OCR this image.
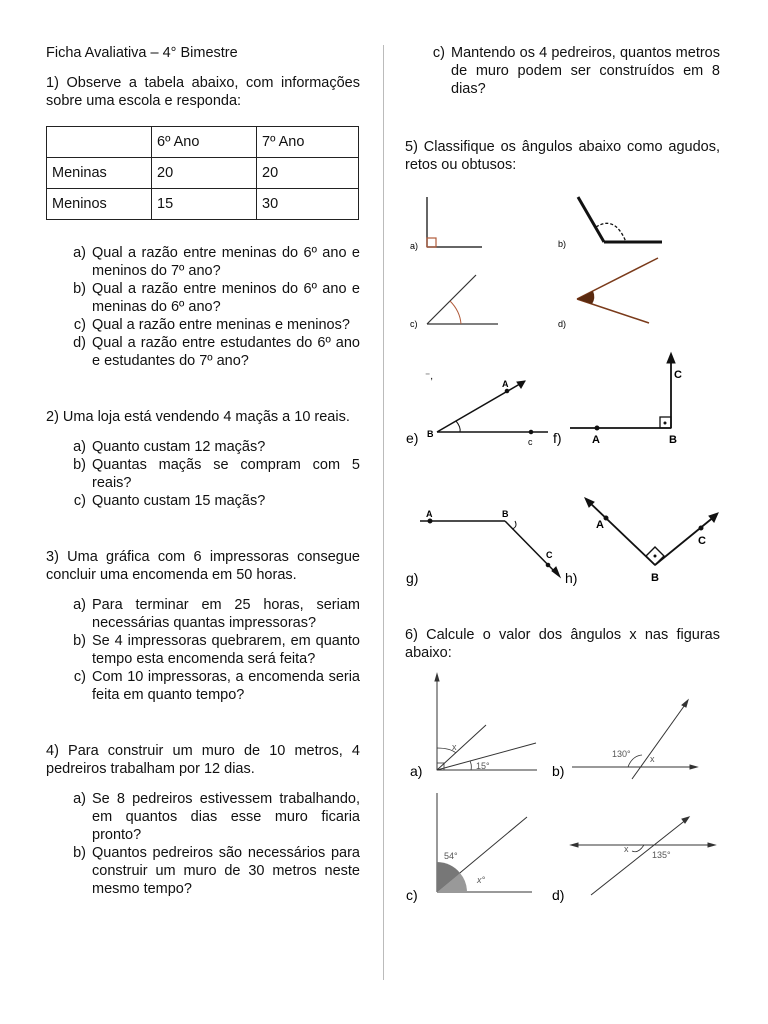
Ficha Avaliativa – 4° Bimestre

1) Observe a tabela abaixo, com informações sobre uma escola e responda:

	6º Ano	7º Ano
Meninas	20	20
Meninos	15	30
a) Qual a razão entre meninas do 6º ano e meninos do 7º ano?
b) Qual a razão entre meninos do 6º ano e meninas do 6º ano?
c) Qual a razão entre meninas e meninos?
d) Qual a razão entre estudantes do 6º ano e estudantes do 7º ano?

2) Uma loja está vendendo 4 maçãs a 10 reais.

a) Quanto custam 12 maçãs?
b) Quantas maçãs se compram com 5 reais?
c) Quanto custam 15 maçãs?

3) Uma gráfica com 6 impressoras consegue concluir uma encomenda em 50 horas.

a) Para terminar em 25 horas, seriam necessárias quantas impressoras?
b) Se 4 impressoras quebrarem, em quanto tempo esta encomenda será feita?
c) Com 10 impressoras, a encomenda seria feita em quanto tempo?

4) Para construir um muro de 10 metros, 4 pedreiros trabalham por 12 dias.

a) Se 8 pedreiros estivessem trabalhando, em quantos dias esse muro ficaria pronto?
b) Quantos pedreiros são necessários para construir um muro de 30 metros neste mesmo tempo?
c) Mantendo os 4 pedreiros, quantos metros de muro podem ser construídos em 8 dias?

5) Classifique os ângulos abaixo como agudos, retos ou obtusos:

a)	b)
c)	d)
⁻,
B
A
c
e)	A	B
C
f)
A	B
C
g)
A
B
C
h)

6) Calcule o valor dos ângulos x nas figuras abaixo:

x
15°
a)
130° x
b)
54°
x°
c)
x
135°
d)
